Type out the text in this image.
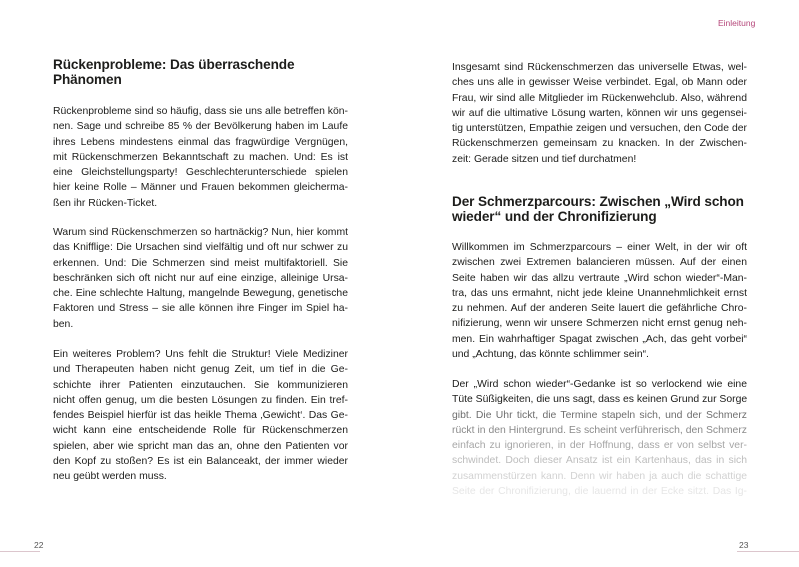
Einleitung
Rückenprobleme: Das überraschende
Phänomen
Rückenprobleme sind so häufig, dass sie uns alle betreffen kön-
nen. Sage und schreibe 85 % der Bevölkerung haben im Laufe
ihres Lebens mindestens einmal das fragwürdige Vergnügen,
mit Rückenschmerzen Bekanntschaft zu machen. Und: Es ist
eine Gleichstellungsparty! Geschlechterunterschiede spielen
hier keine Rolle – Männer und Frauen bekommen gleicherma-
ßen ihr Rücken-Ticket.
Warum sind Rückenschmerzen so hartnäckig? Nun, hier kommt
das Knifflige: Die Ursachen sind vielfältig und oft nur schwer zu
erkennen. Und: Die Schmerzen sind meist multifaktoriell. Sie
beschränken sich oft nicht nur auf eine einzige, alleinige Ursa-
che. Eine schlechte Haltung, mangelnde Bewegung, genetische
Faktoren und Stress – sie alle können ihre Finger im Spiel ha-
ben.
Ein weiteres Problem? Uns fehlt die Struktur! Viele Mediziner
und Therapeuten haben nicht genug Zeit, um tief in die Ge-
schichte ihrer Patienten einzutauchen. Sie kommunizieren
nicht offen genug, um die besten Lösungen zu finden. Ein tref-
fendes Beispiel hierfür ist das heikle Thema ‚Gewicht‘. Das Ge-
wicht kann eine entscheidende Rolle für Rückenschmerzen
spielen, aber wie spricht man das an, ohne den Patienten vor
den Kopf zu stoßen? Es ist ein Balanceakt, der immer wieder
neu geübt werden muss.
Insgesamt sind Rückenschmerzen das universelle Etwas, wel-
ches uns alle in gewisser Weise verbindet. Egal, ob Mann oder
Frau, wir sind alle Mitglieder im Rückenwehclub. Also, während
wir auf die ultimative Lösung warten, können wir uns gegensei-
tig unterstützen, Empathie zeigen und versuchen, den Code der
Rückenschmerzen gemeinsam zu knacken. In der Zwischen-
zeit: Gerade sitzen und tief durchatmen!
Der Schmerzparcours: Zwischen „Wird schon
wieder“ und der Chronifizierung
Willkommen im Schmerzparcours – einer Welt, in der wir oft
zwischen zwei Extremen balancieren müssen. Auf der einen
Seite haben wir das allzu vertraute „Wird schon wieder“-Man-
tra, das uns ermahnt, nicht jede kleine Unannehmlichkeit ernst
zu nehmen. Auf der anderen Seite lauert die gefährliche Chro-
nifizierung, wenn wir unsere Schmerzen nicht ernst genug neh-
men. Ein wahrhaftiger Spagat zwischen „Ach, das geht vorbei“
und „Achtung, das könnte schlimmer sein“.
Der „Wird schon wieder“-Gedanke ist so verlockend wie eine
Tüte Süßigkeiten, die uns sagt, dass es keinen Grund zur Sorge
gibt. Die Uhr tickt, die Termine stapeln sich, und der Schmerz
rückt in den Hintergrund. Es scheint verführerisch, den Schmerz
einfach zu ignorieren, in der Hoffnung, dass er von selbst ver-
schwindet. Doch dieser Ansatz ist ein Kartenhaus, das in sich
zusammenstürzen kann. Denn wir haben ja auch die schattige
Seite der Chronifizierung, die lauernd in der Ecke sitzt. Das Ig-
22	23
